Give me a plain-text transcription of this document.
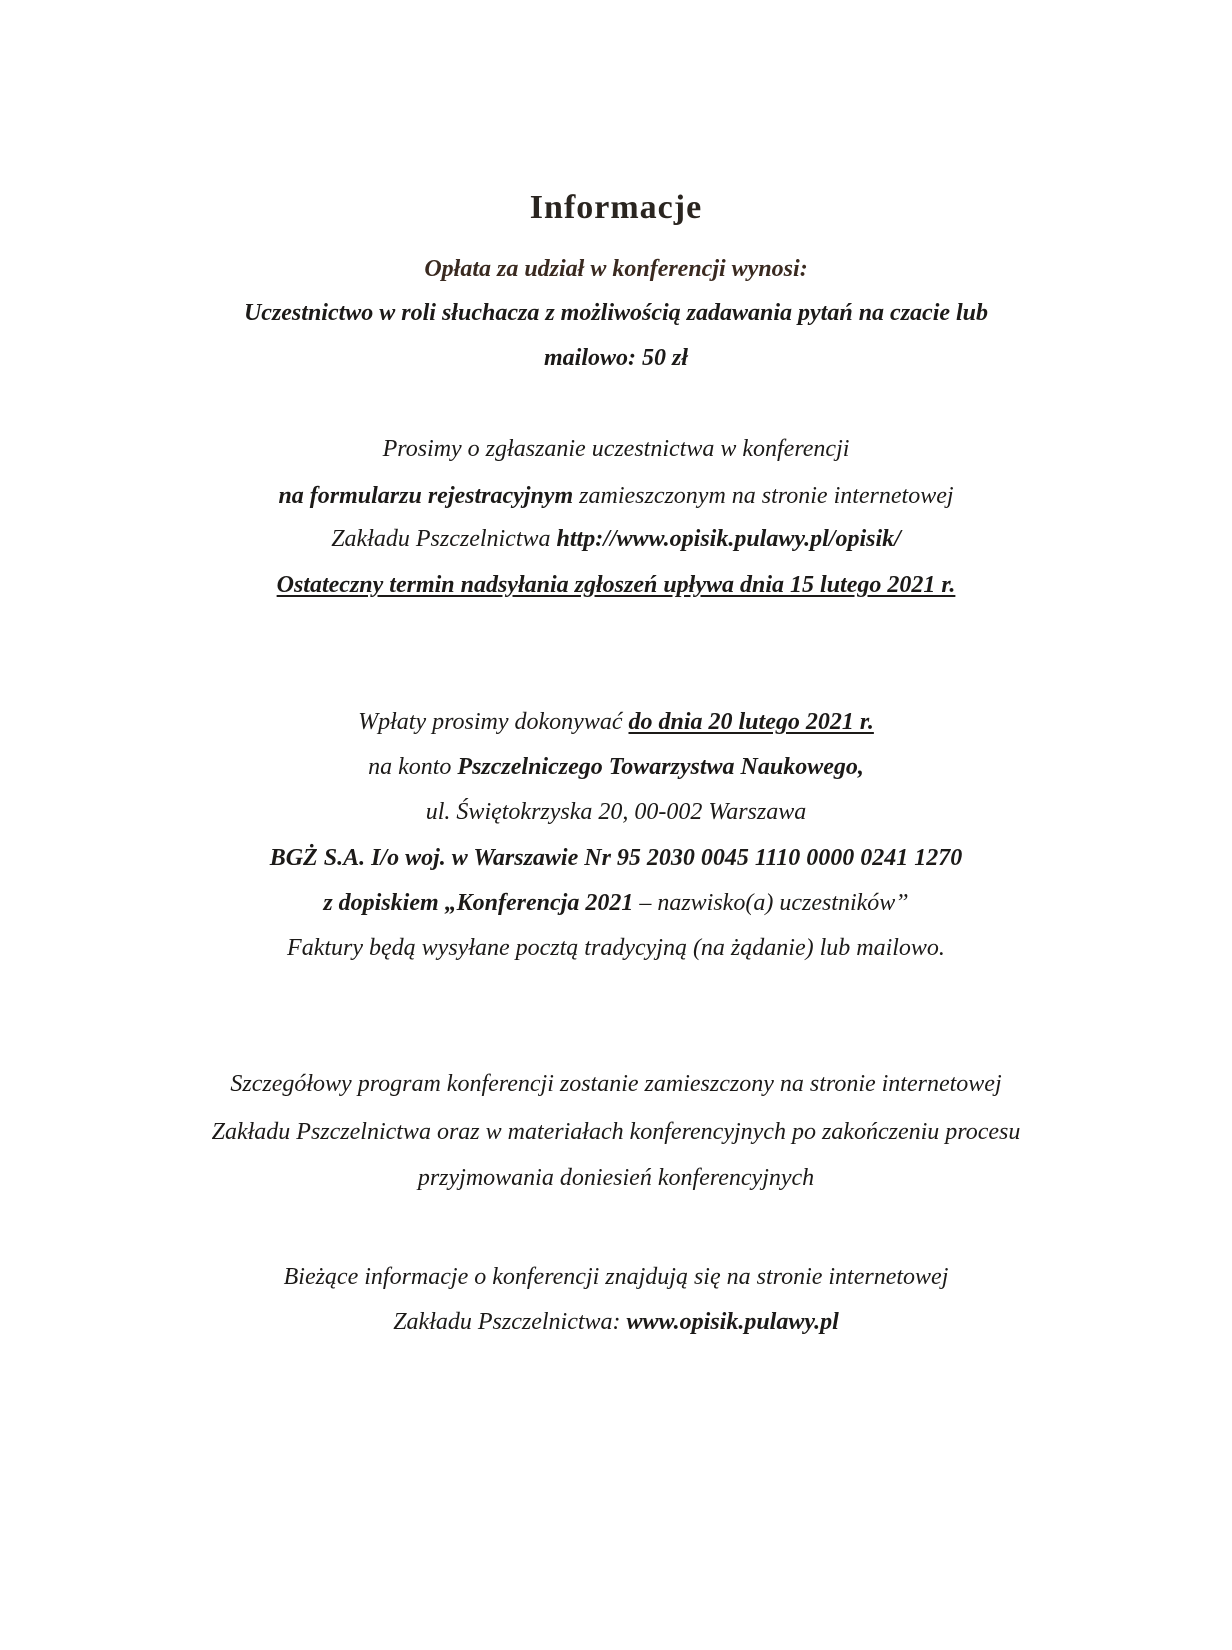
Informacje
Opłata za udział w konferencji wynosi:
Uczestnictwo w roli słuchacza z możliwością zadawania pytań na czacie lub
mailowo: 50 zł
Prosimy o zgłaszanie uczestnictwa w konferencji
na formularzu rejestracyjnym zamieszczonym na stronie internetowej
Zakładu Pszczelnictwa http://www.opisik.pulawy.pl/opisik/
Ostateczny termin nadsyłania zgłoszeń upływa dnia 15 lutego 2021 r.
Wpłaty prosimy dokonywać do dnia 20 lutego 2021 r.
na konto Pszczelniczego Towarzystwa Naukowego,
ul. Świętokrzyska 20, 00-002 Warszawa
BGŻ S.A. I/o woj. w Warszawie Nr 95 2030 0045 1110 0000 0241 1270
z dopiskiem „Konferencja 2021 – nazwisko(a) uczestników”
Faktury będą wysyłane pocztą tradycyjną (na żądanie) lub mailowo.
Szczegółowy program konferencji zostanie zamieszczony na stronie internetowej
Zakładu Pszczelnictwa oraz w materiałach konferencyjnych po zakończeniu procesu
przyjmowania doniesień konferencyjnych
Bieżące informacje o konferencji znajdują się na stronie internetowej
Zakładu Pszczelnictwa: www.opisik.pulawy.pl
